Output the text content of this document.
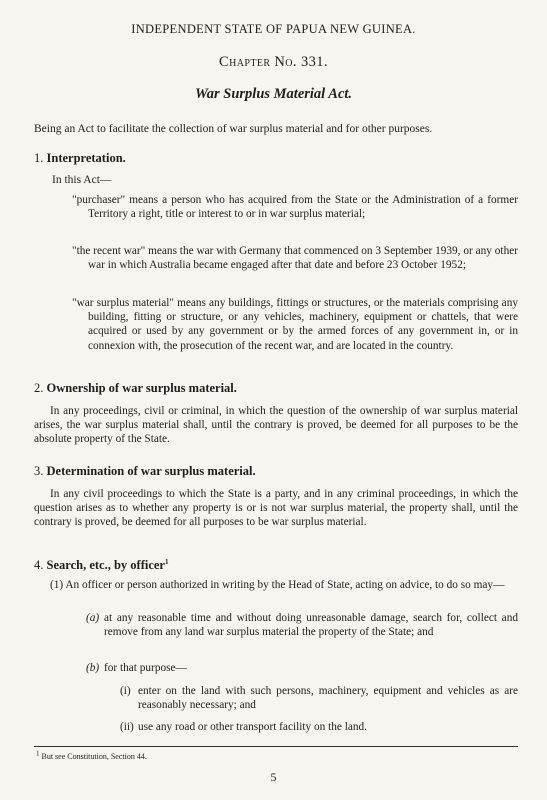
INDEPENDENT STATE OF PAPUA NEW GUINEA.
Chapter No. 331.
War Surplus Material Act.
Being an Act to facilitate the collection of war surplus material and for other purposes.
1. Interpretation.
In this Act—
"purchaser" means a person who has acquired from the State or the Administration of a former Territory a right, title or interest to or in war surplus material;
"the recent war" means the war with Germany that commenced on 3 September 1939, or any other war in which Australia became engaged after that date and before 23 October 1952;
"war surplus material" means any buildings, fittings or structures, or the materials comprising any building, fitting or structure, or any vehicles, machinery, equipment or chattels, that were acquired or used by any government or by the armed forces of any government in, or in connexion with, the prosecution of the recent war, and are located in the country.
2. Ownership of war surplus material.
In any proceedings, civil or criminal, in which the question of the ownership of war surplus material arises, the war surplus material shall, until the contrary is proved, be deemed for all purposes to be the absolute property of the State.
3. Determination of war surplus material.
In any civil proceedings to which the State is a party, and in any criminal proceedings, in which the question arises as to whether any property is or is not war surplus material, the property shall, until the contrary is proved, be deemed for all purposes to be war surplus material.
4. Search, etc., by officer$^1$
(1) An officer or person authorized in writing by the Head of State, acting on advice, to do so may—
(a) at any reasonable time and without doing unreasonable damage, search for, collect and remove from any land war surplus material the property of the State; and
(b) for that purpose—
(i) enter on the land with such persons, machinery, equipment and vehicles as are reasonably necessary; and
(ii) use any road or other transport facility on the land.
$^1$ But see Constitution, Section 44.
5
